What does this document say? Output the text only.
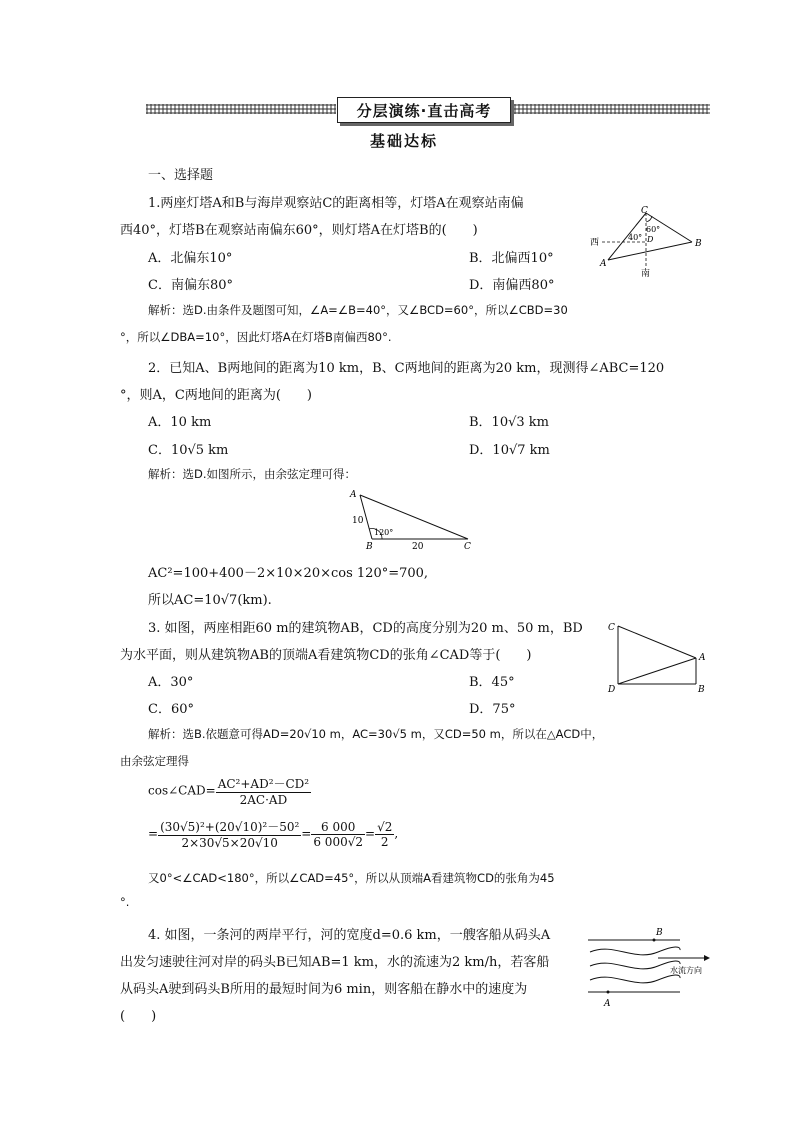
分层演练·直击高考
基础达标
一、选择题
1.两座灯塔A和B与海岸观察站C的距离相等，灯塔A在观察站南偏
西40°，灯塔B在观察站南偏东60°，则灯塔A在灯塔B的(　　)
A．北偏东10°	B．北偏西10°
C．南偏东80°	D．南偏西80°
解析：选D.由条件及题图可知，∠A=∠B=40°，又∠BCD=60°，所以∠CBD=30
°，所以∠DBA=10°，因此灯塔A在灯塔B南偏西80°.
C
A
B
D
西
南
60°
40°
2．已知A、B两地间的距离为10 km，B、C两地间的距离为20 km，现测得∠ABC=120
°，则A，C两地间的距离为(　　)
A．10 km	B．10√3 km
C．10√5 km	D．10√7 km
解析：选D.如图所示，由余弦定理可得：
A
B	C
10
20
120°
AC²=100+400－2×10×20×cos 120°=700,
所以AC=10√7(km).
3. 如图，两座相距60 m的建筑物AB，CD的高度分别为20 m、50 m，BD
为水平面，则从建筑物AB的顶端A看建筑物CD的张角∠CAD等于(　　)
A．30°	B．45°
C．60°	D．75°
C
A
D	B
解析：选B.依题意可得AD=20√10 m，AC=30√5 m，又CD=50 m，所以在△ACD中，
由余弦定理得
cos∠CAD= $\frac{\text{AC²+AD²－CD²}}{2AC\cdot AD}$
= $\frac{\text{(30√5)²+(20√10)²－50²}}{2\times 30√5\times 20√10} = \frac{6 000}{6 000√2} = \frac{√2}{2}$ ,
又0°<∠CAD<180°，所以∠CAD=45°，所以从顶端A看建筑物CD的张角为45
°.
4. 如图，一条河的两岸平行，河的宽度d=0.6 km，一艘客船从码头A
出发匀速驶往河对岸的码头B已知AB=1 km，水的流速为2 km/h，若客船
从码头A驶到码头B所用的最短时间为6 min，则客船在静水中的速度为
(　　)
B
A
水流方向
